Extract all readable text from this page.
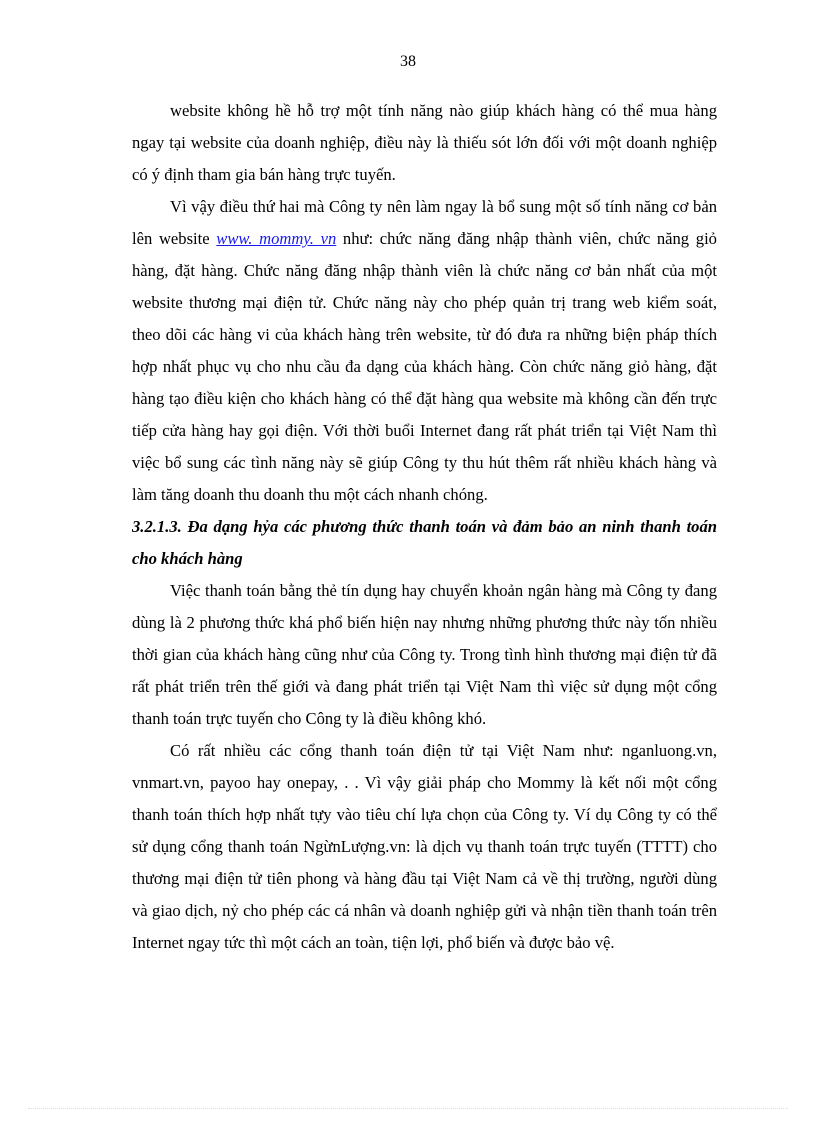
38

website không hề hỗ trợ một tính năng nào giúp khách hàng có thể mua hàng ngay tại website của doanh nghiệp, điều này là thiếu sót lớn đối với một doanh nghiệp có ý định tham gia bán hàng trực tuyến.

Vì vậy điều thứ hai mà Công ty nên làm ngay là bổ sung một số tính năng cơ bản lên website www. mommy. vn như: chức năng đăng nhập thành viên, chức năng giỏ hàng, đặt hàng. Chức năng đăng nhập thành viên là chức năng cơ bản nhất của một website thương mại điện tử. Chức năng này cho phép quản trị trang web kiểm soát, theo dõi các hàng vi của khách hàng trên website, từ đó đưa ra những biện pháp thích hợp nhất phục vụ cho nhu cầu đa dạng của khách hàng. Còn chức năng giỏ hàng, đặt hàng tạo điều kiện cho khách hàng có thể đặt hàng qua website mà không cần đến trực tiếp cửa hàng hay gọi điện. Với thời buổi Internet đang rất phát triển tại Việt Nam thì việc bổ sung các tình năng này sẽ giúp Công ty thu hút thêm rất nhiều khách hàng và làm tăng doanh thu doanh thu một cách nhanh chóng.

3.2.1.3. Đa dạng hỷa các phương thức thanh toán và đảm bảo an ninh thanh toán cho khách hàng

Việc thanh toán bằng thẻ tín dụng hay chuyển khoản ngân hàng mà Công ty đang dùng là 2 phương thức khá phổ biến hiện nay nhưng những phương thức này tốn nhiều thời gian của khách hàng cũng như của Công ty. Trong tình hình thương mại điện tử đã rất phát triển trên thế giới và đang phát triển tại Việt Nam thì việc sử dụng một cổng thanh toán trực tuyến cho Công ty là điều không khó.

Có rất nhiều các cổng thanh toán điện tử tại Việt Nam như: nganluong.vn, vnmart.vn, payoo hay onepay, . . Vì vậy giải pháp cho Mommy là kết nối một cổng thanh toán thích hợp nhất tựy vào tiêu chí lựa chọn của Công ty. Ví dụ Công ty có thể sử dụng cổng thanh toán NgừnLượng.vn: là dịch vụ thanh toán trực tuyến (TTTT) cho thương mại điện tử tiên phong và hàng đầu tại Việt Nam cả về thị trường, người dùng và giao dịch, nỷ cho phép các cá nhân và doanh nghiệp gửi và nhận tiền thanh toán trên Internet ngay tức thì một cách an toàn, tiện lợi, phổ biến và được bảo vệ.
